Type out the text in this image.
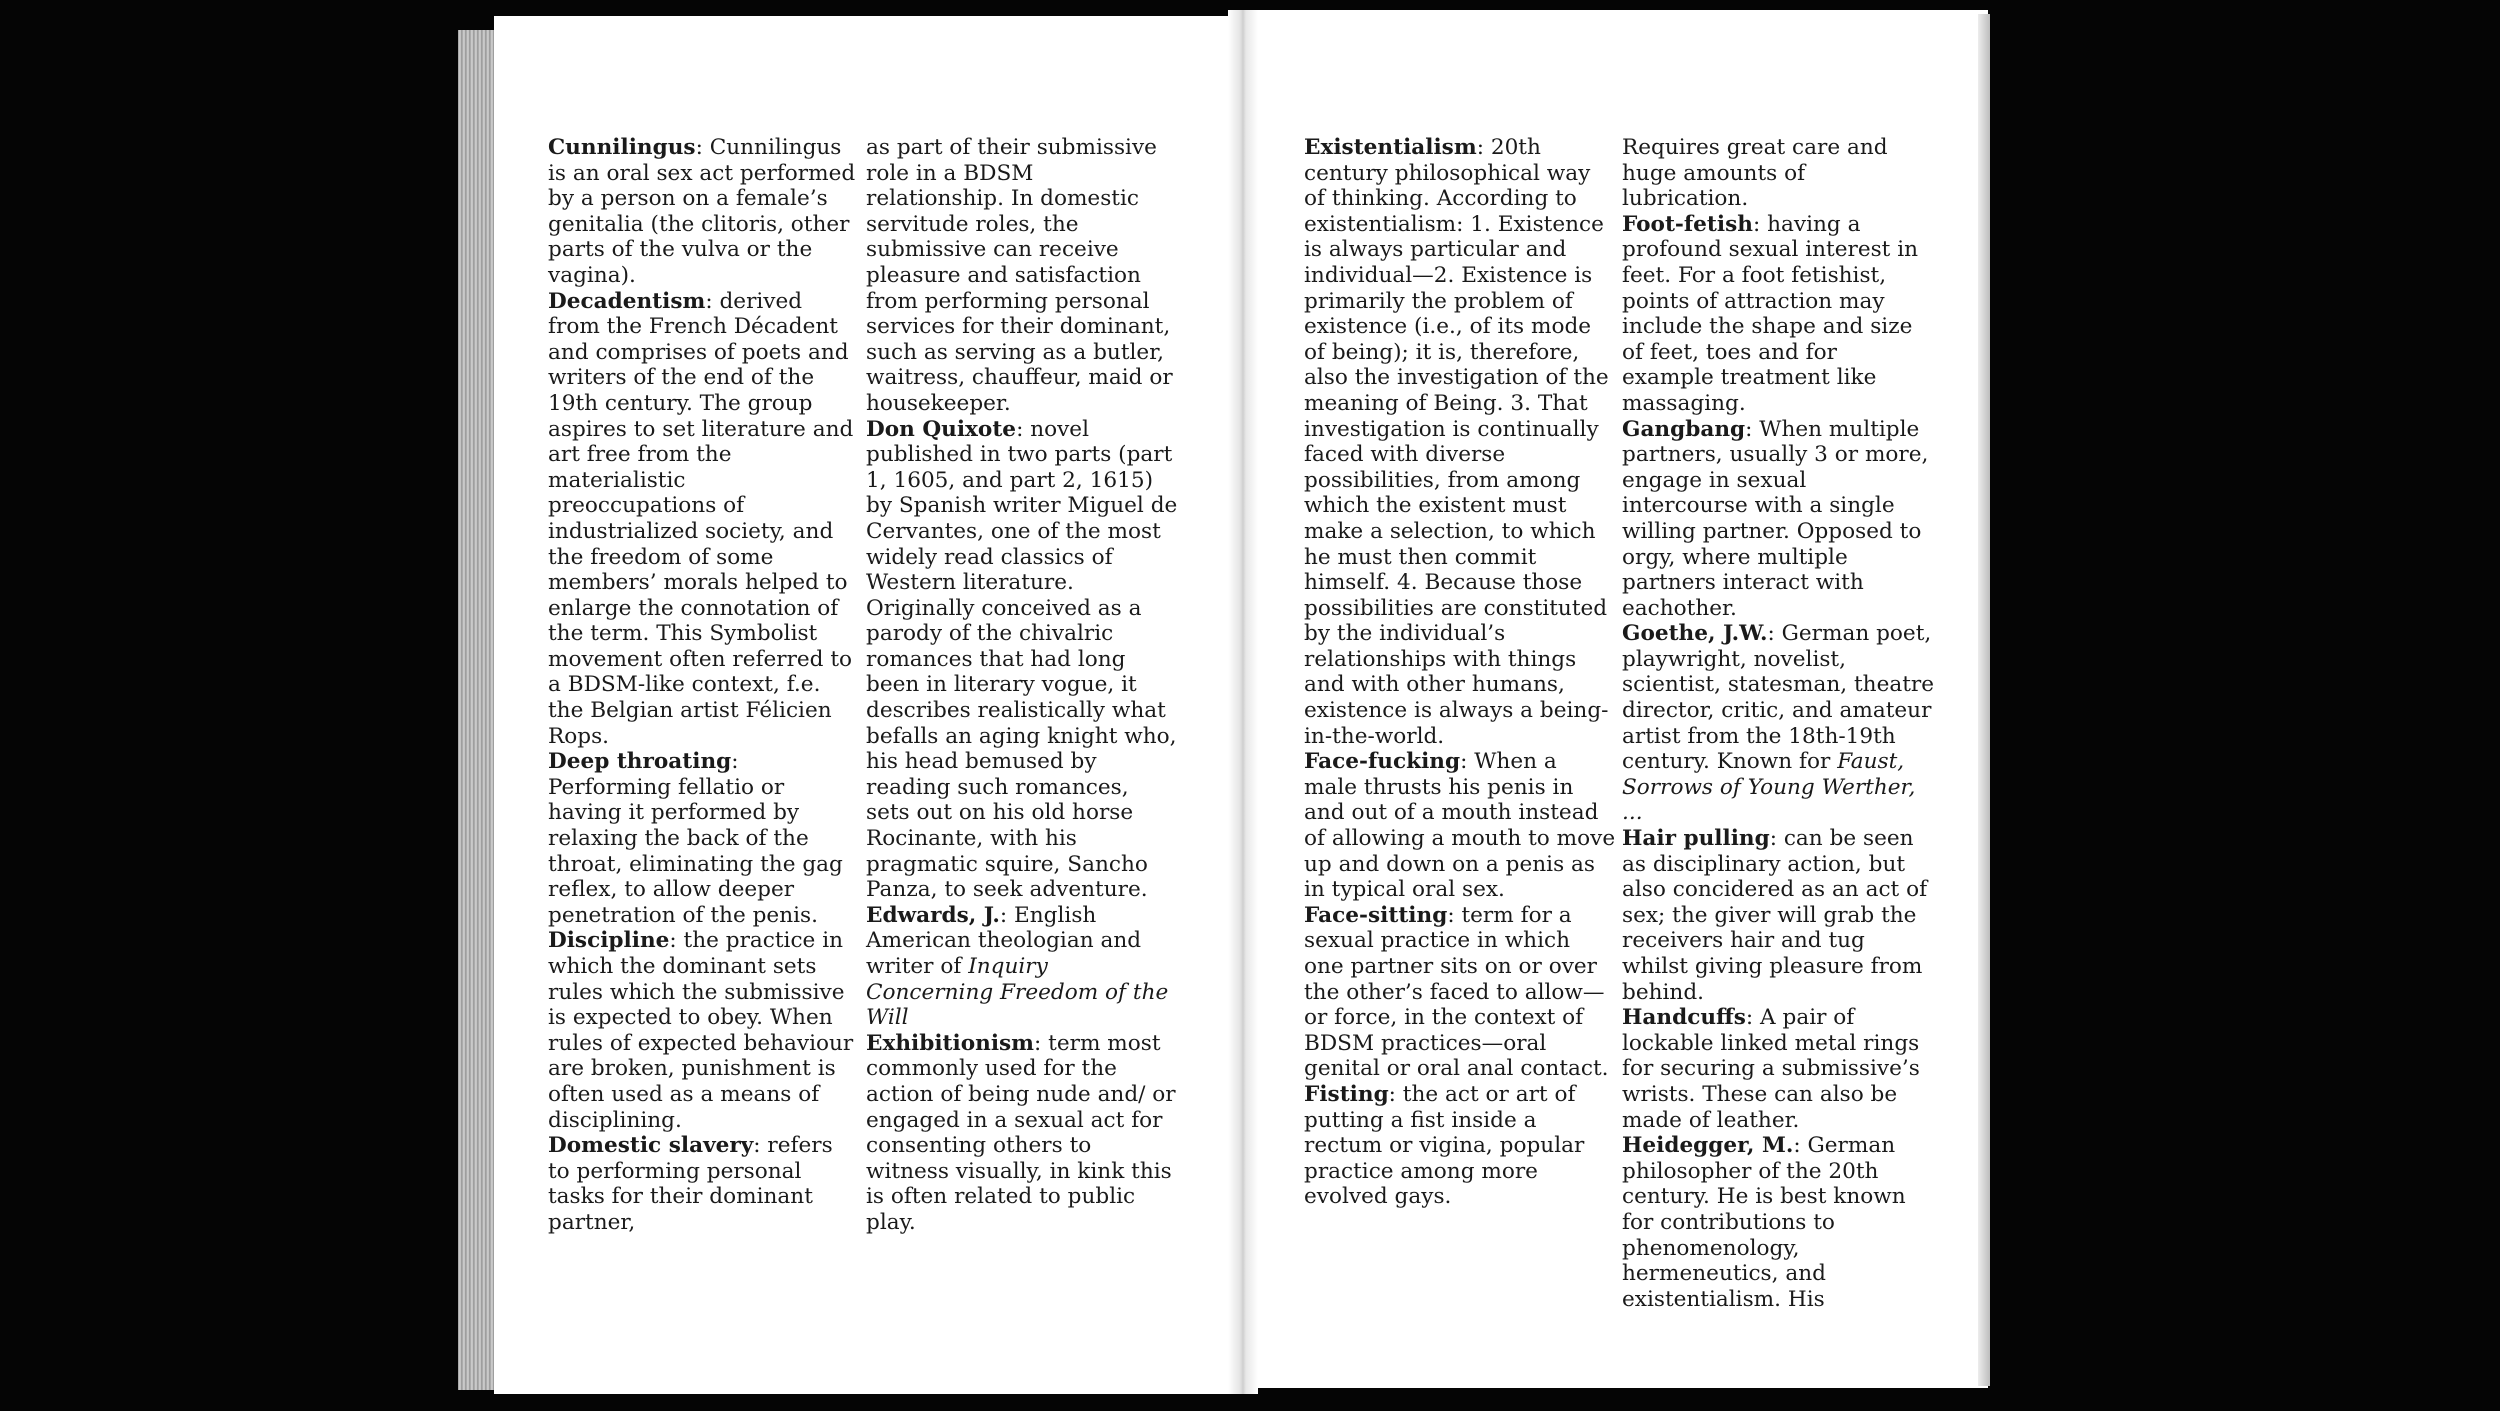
Cunnilingus: Cunnilingus is an oral sex act performed by a person on a female’s genitalia (the clitoris, other parts of the vulva or the vagina).

Decadentism: derived from the French Décadent and comprises of poets and writers of the end of the 19th century. The group aspires to set literature and art free from the materialistic preoccupations of industrialized society, and the freedom of some members’ morals helped to enlarge the connotation of the term. This Symbolist movement often referred to a BDSM-like context, f.e. the Belgian artist Félicien Rops.

Deep throating: Performing fellatio or having it performed by relaxing the back of the throat, eliminating the gag reflex, to allow deeper penetration of the penis.

Discipline: the practice in which the dominant sets rules which the submissive is expected to obey. When rules of expected behaviour are broken, punishment is often used as a means of disciplining.

Domestic slavery: refers to performing personal tasks for their dominant partner,

as part of their submissive role in a BDSM relationship. In domestic servitude roles, the submissive can receive pleasure and satisfaction from performing personal services for their dominant, such as serving as a butler, waitress, chauffeur, maid or housekeeper.

Don Quixote: novel published in two parts (part 1, 1605, and part 2, 1615) by Spanish writer Miguel de Cervantes, one of the most widely read classics of Western literature. Originally conceived as a parody of the chivalric romances that had long been in literary vogue, it describes realistically what befalls an aging knight who, his head bemused by reading such romances, sets out on his old horse Rocinante, with his pragmatic squire, Sancho Panza, to seek adventure.

Edwards, J.: English American theologian and writer of Inquiry Concerning Freedom of the Will

Exhibitionism: term most commonly used for the action of being nude and/ or engaged in a sexual act for consenting others to witness visually, in kink this is often related to public play.

Existentialism: 20th century philosophical way of thinking. According to existentialism: 1. Existence is always particular and individual—2. Existence is primarily the problem of existence (i.e., of its mode of being); it is, therefore, also the investigation of the meaning of Being. 3. That investigation is continually faced with diverse possibilities, from among which the existent must make a selection, to which he must then commit himself. 4. Because those possibilities are constituted by the individual’s relationships with things and with other humans, existence is always a being-in-the-world.

Face-fucking: When a male thrusts his penis in and out of a mouth instead of allowing a mouth to move up and down on a penis as in typical oral sex.

Face-sitting: term for a sexual practice in which one partner sits on or over the other’s faced to allow—or force, in the context of BDSM practices—oral genital or oral anal contact.

Fisting: the act or art of putting a fist inside a rectum or vigina, popular practice among more evolved gays.

Requires great care and huge amounts of lubrication.

Foot-fetish: having a profound sexual interest in feet. For a foot fetishist, points of attraction may include the shape and size of feet, toes and for example treatment like massaging.

Gangbang: When multiple partners, usually 3 or more, engage in sexual intercourse with a single willing partner. Opposed to orgy, where multiple partners interact with eachother.

Goethe, J.W.: German poet, playwright, novelist, scientist, statesman, theatre director, critic, and amateur artist from the 18th-19th century. Known for Faust, Sorrows of Young Werther, ...

Hair pulling: can be seen as disciplinary action, but also concidered as an act of sex; the giver will grab the receivers hair and tug whilst giving pleasure from behind.

Handcuffs: A pair of lockable linked metal rings for securing a submissive’s wrists. These can also be made of leather.

Heidegger, M.: German philosopher of the 20th century. He is best known for contributions to phenomenology, hermeneutics, and existentialism. His
